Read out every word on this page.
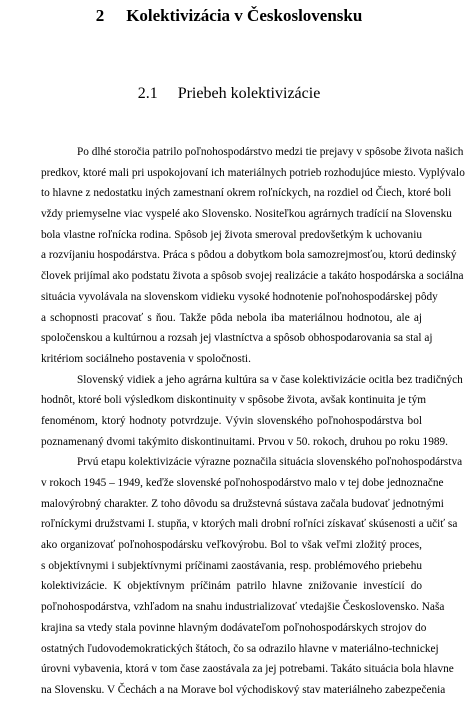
2 Kolektivizácia v Československu
2.1 Priebeh kolektivizácie
Po dlhé storočia patrilo poľnohospodárstvo medzi tie prejavy v spôsobe života našich
predkov, ktoré mali pri uspokojovaní ich materiálnych potrieb rozhodujúce miesto. Vyplývalo
to hlavne z nedostatku iných zamestnaní okrem roľníckych, na rozdiel od Čiech, ktoré boli
vždy priemyselne viac vyspelé ako Slovensko. Nositeľkou agrárnych tradícií na Slovensku
bola vlastne roľnícka rodina. Spôsob jej života smeroval predovšetkým k uchovaniu
a rozvíjaniu hospodárstva. Práca s pôdou a dobytkom bola samozrejmosťou, ktorú dedinský
človek prijímal ako podstatu života a spôsob svojej realizácie a takáto hospodárska a sociálna
situácia vyvolávala na slovenskom vidieku vysoké hodnotenie poľnohospodárskej pôdy
a schopnosti pracovať s ňou. Takže pôda nebola iba materiálnou hodnotou, ale aj
spoločenskou a kultúrnou a rozsah jej vlastníctva a spôsob obhospodarovania sa stal aj
kritériom sociálneho postavenia v spoločnosti.
Slovenský vidiek a jeho agrárna kultúra sa v čase kolektivizácie ocitla bez tradičných
hodnôt, ktoré boli výsledkom diskontinuity v spôsobe života, avšak kontinuita je tým
fenoménom, ktorý hodnoty potvrdzuje. Vývin slovenského poľnohospodárstva bol
poznamenaný dvomi takýmito diskontinuitami. Prvou v 50. rokoch, druhou po roku 1989.
Prvú etapu kolektivizácie výrazne poznačila situácia slovenského poľnohospodárstva
v rokoch 1945 – 1949, keďže slovenské poľnohospodárstvo malo v tej dobe jednoznačne
malovýrobný charakter. Z toho dôvodu sa družstevná sústava začala budovať jednotnými
roľníckymi družstvami I. stupňa, v ktorých mali drobní roľníci získavať skúsenosti a učiť sa
ako organizovať poľnohospodársku veľkovýrobu. Bol to však veľmi zložitý proces,
s objektívnymi i subjektívnymi príčinami zaostávania, resp. problémového priebehu
kolektivizácie. K objektívnym príčinám patrilo hlavne znižovanie investícií do
poľnohospodárstva, vzhľadom na snahu industrializovať vtedajšie Československo. Naša
krajina sa vtedy stala povinne hlavným dodávateľom poľnohospodárskych strojov do
ostatných ľudovodemokratických štátoch, čo sa odrazilo hlavne v materiálno-technickej
úrovni vybavenia, ktorá v tom čase zaostávala za jej potrebami. Takáto situácia bola hlavne
na Slovensku. V Čechách a na Morave bol východiskový stav materiálneho zabezpečenia
